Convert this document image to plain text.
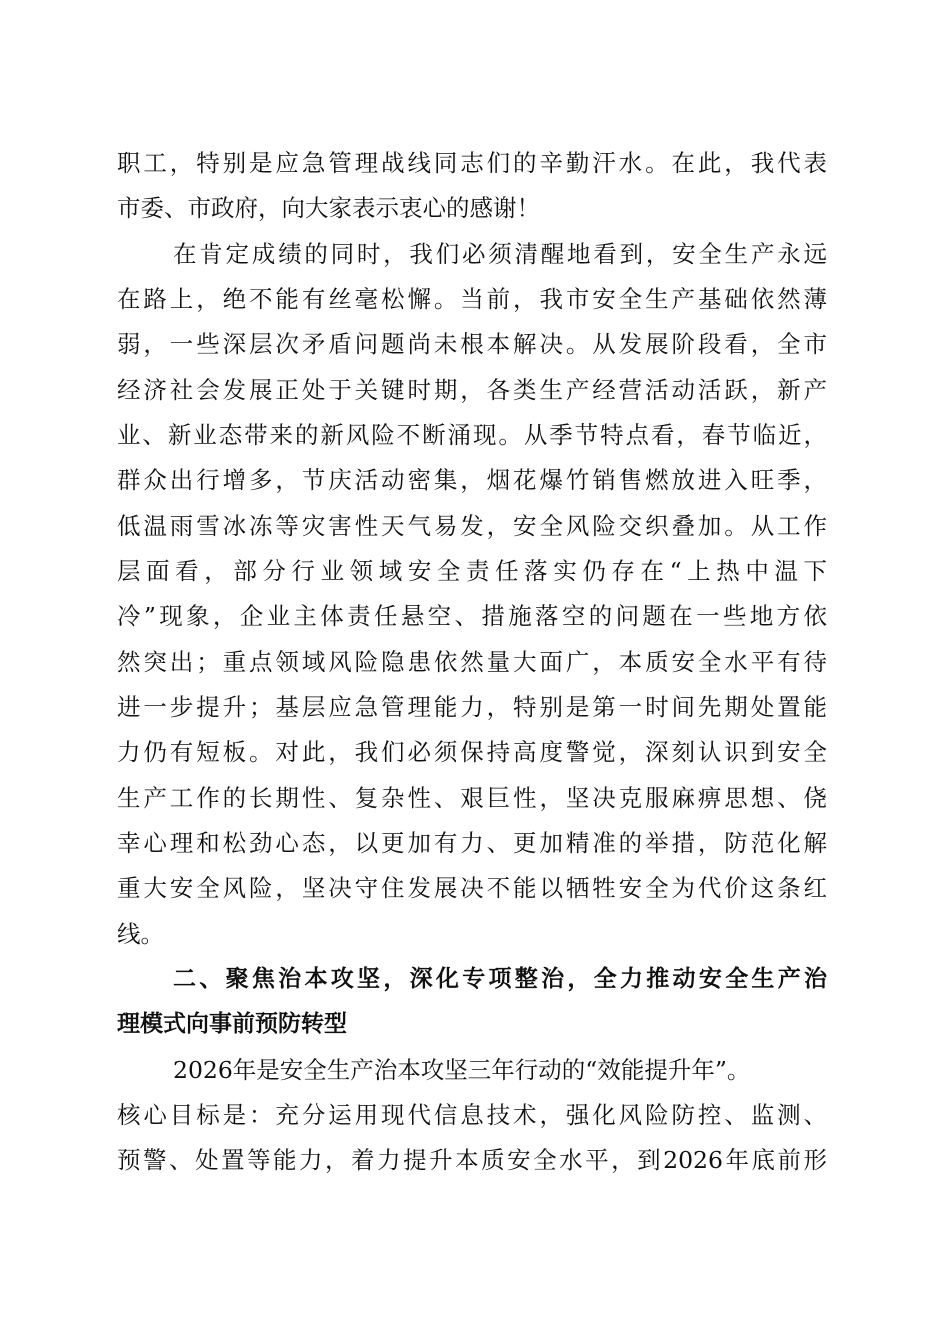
职工，特别是应急管理战线同志们的辛勤汗水。在此，我代表
市委、市政府，向大家表示衷心的感谢！
在肯定成绩的同时，我们必须清醒地看到，安全生产永远
在路上，绝不能有丝毫松懈。当前，我市安全生产基础依然薄
弱，一些深层次矛盾问题尚未根本解决。从发展阶段看，全市
经济社会发展正处于关键时期，各类生产经营活动活跃，新产
业、新业态带来的新风险不断涌现。从季节特点看，春节临近，
群众出行增多，节庆活动密集，烟花爆竹销售燃放进入旺季，
低温雨雪冰冻等灾害性天气易发，安全风险交织叠加。从工作
层面看，部分行业领域安全责任落实仍存在“上热中温下
冷”现象，企业主体责任悬空、措施落空的问题在一些地方依
然突出；重点领域风险隐患依然量大面广，本质安全水平有待
进一步提升；基层应急管理能力，特别是第一时间先期处置能
力仍有短板。对此，我们必须保持高度警觉，深刻认识到安全
生产工作的长期性、复杂性、艰巨性，坚决克服麻痹思想、侥
幸心理和松劲心态，以更加有力、更加精准的举措，防范化解
重大安全风险，坚决守住发展决不能以牺牲安全为代价这条红
线。
二、聚焦治本攻坚，深化专项整治，全力推动安全生产治
理模式向事前预防转型
2026年是安全生产治本攻坚三年行动的“效能提升年”。
核心目标是：充分运用现代信息技术，强化风险防控、监测、
预警、处置等能力，着力提升本质安全水平，到2026年底前形
